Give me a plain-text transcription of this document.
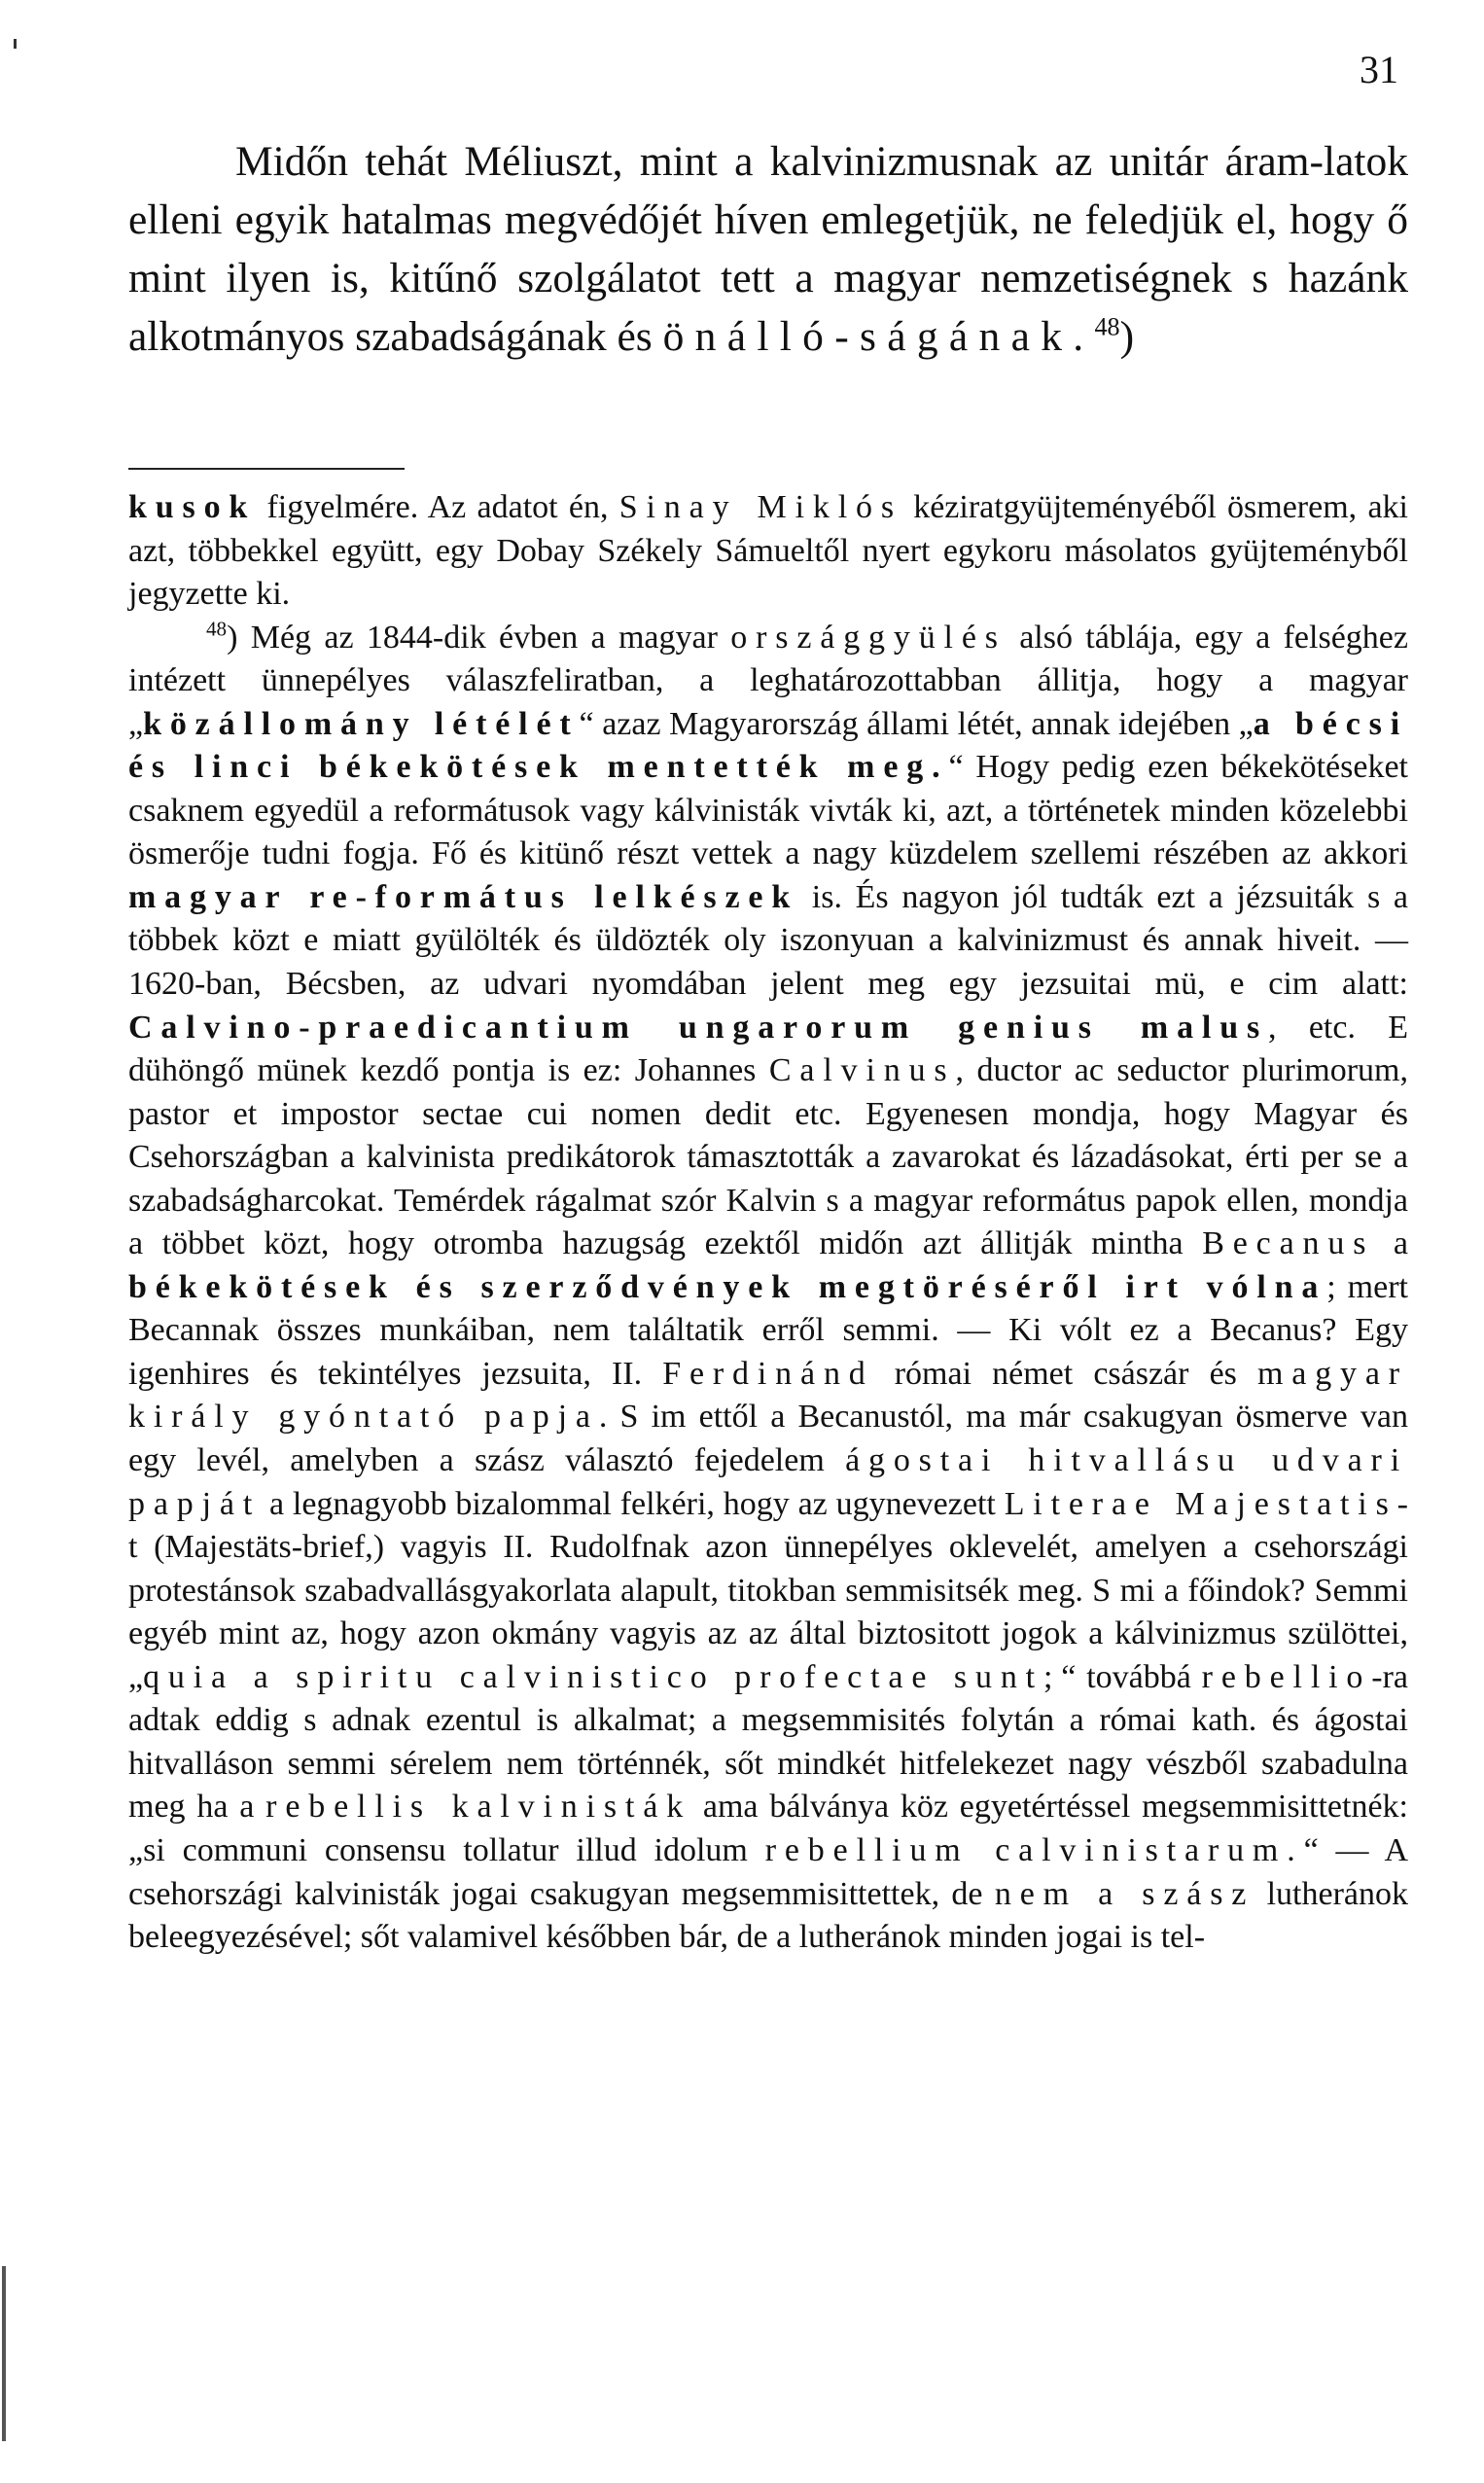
31

Midőn tehát Méliuszt, mint a kalvinizmusnak az unitár áram-latok elleni egyik hatalmas megvédőjét híven emlegetjük, ne feledjük el, hogy ő mint ilyen is, kitűnő szolgálatot tett a magyar nemzetiségnek s hazánk alkotmányos szabadságának és önálló-ságának.$^{48}$)

kusok figyelmére. Az adatot én, Sinay Miklós kéziratgyüjteményéből ösmerem, aki azt, többekkel együtt, egy Dobay Székely Sámueltől nyert egykoru másolatos gyüjteményből jegyzette ki.

$^{48}$) Még az 1844-dik évben a magyar országgyülés alsó táblája, egy a felséghez intézett ünnepélyes válaszfeliratban, a leghatározottabban állitja, hogy a magyar „közállomány létélét“ azaz Magyarország állami létét, annak idejében „a bécsi és linci békekötések mentették meg.“ Hogy pedig ezen békekötéseket csaknem egyedül a reformátusok vagy kálvinisták vivták ki, azt, a történetek minden közelebbi ösmerője tudni fogja. Fő és kitünő részt vettek a nagy küzdelem szellemi részében az akkori magyar re-formátus lelkészek is. És nagyon jól tudták ezt a jézsuiták s a többek közt e miatt gyülölték és üldözték oly iszonyuan a kalvinizmust és annak hiveit. — 1620-ban, Bécsben, az udvari nyomdában jelent meg egy jezsuitai mü, e cim alatt: Calvino-praedicantium ungarorum genius malus, etc. E dühöngő münek kezdő pontja is ez: Johannes Calvinus, ductor ac seductor plurimorum, pastor et impostor sectae cui nomen dedit etc. Egyenesen mondja, hogy Magyar és Csehországban a kalvinista predikátorok támasztották a zavarokat és lázadásokat, érti per se a szabadságharcokat. Temérdek rágalmat szór Kalvin s a magyar református papok ellen, mondja a többet közt, hogy otromba hazugság ezektől midőn azt állitják mintha Becanus a békekötések és szerződvények megtöréséről irt vólna; mert Becannak összes munkáiban, nem találtatik erről semmi. — Ki vólt ez a Becanus? Egy igenhires és tekintélyes jezsuita, II. Ferdinánd római német császár és magyar király gyóntató papja. S im ettől a Becanustól, ma már csakugyan ösmerve van egy levél, amelyben a szász választó fejedelem ágostai hitvallásu udvari papját a legnagyobb bizalommal felkéri, hogy az ugynevezett Literae Majestatis-t (Majestäts-brief,) vagyis II. Rudolfnak azon ünnepélyes oklevelét, amelyen a csehországi protestánsok szabadvallásgyakorlata alapult, titokban semmisitsék meg. S mi a főindok? Semmi egyéb mint az, hogy azon okmány vagyis az az által biztositott jogok a kálvinizmus szülöttei, „quia a spiritu calvinistico profectae sunt;“ továbbá rebellio-ra adtak eddig s adnak ezentul is alkalmat; a megsemmisités folytán a római kath. és ágostai hitvalláson semmi sérelem nem történnék, sőt mindkét hitfelekezet nagy vészből szabadulna meg ha a rebellis kalvinisták ama bálványa köz egyetértéssel megsemmisittetnék: „si communi consensu tollatur illud idolum rebellium calvinistarum.“ — A csehországi kalvinisták jogai csakugyan megsemmisittettek, de nem a szász lutheránok beleegyezésével; sőt valamivel későbben bár, de a lutheránok minden jogai is tel-
